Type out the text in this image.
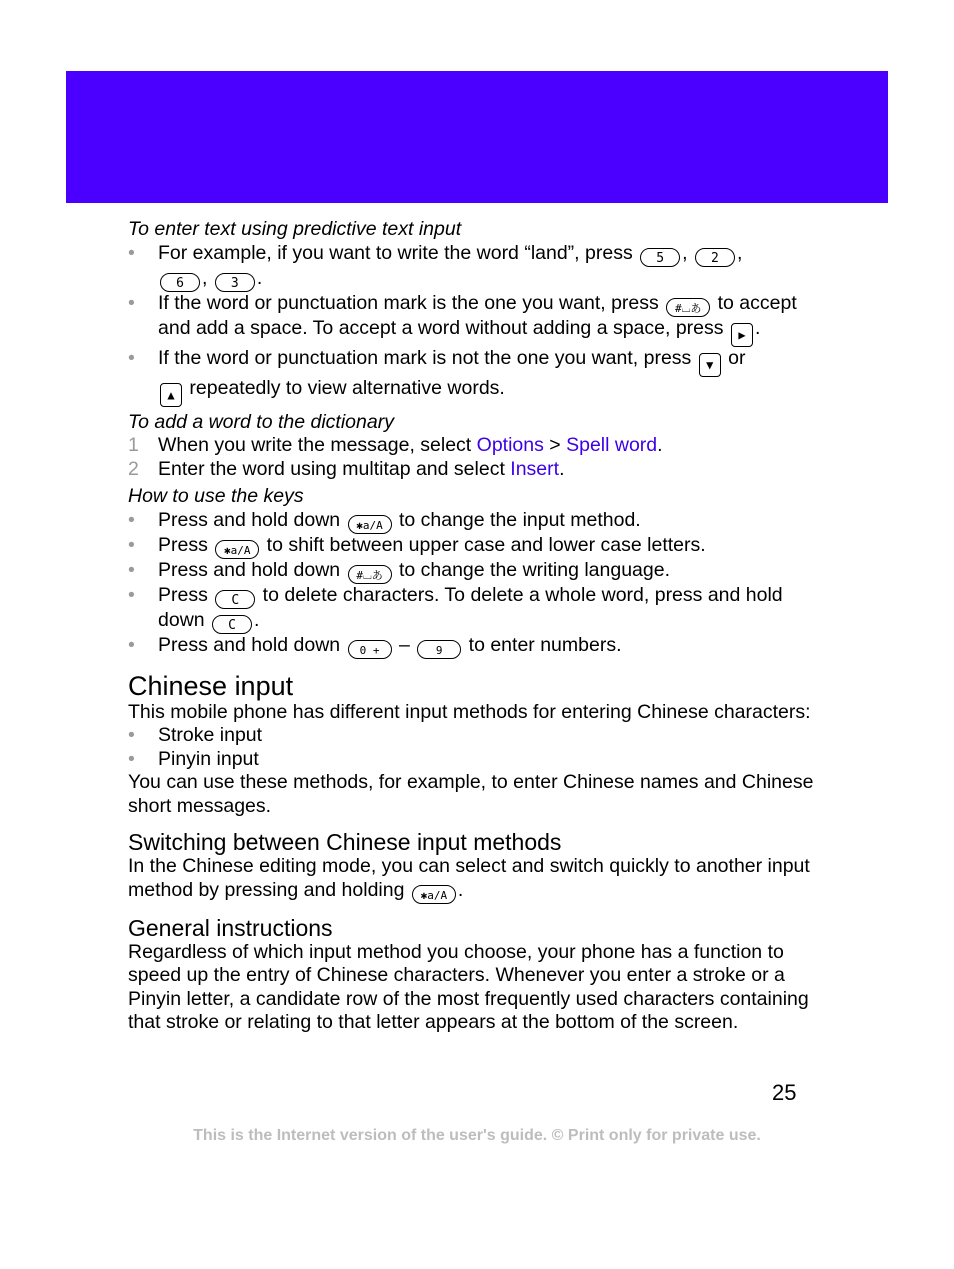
To enter text using predictive text input

• For example, if you want to write the word “land”, press 5 , 2 ,
6 , 3 .
• If the word or punctuation mark is the one you want, press #⌴あ to accept and add a space. To accept a word without adding a space, press ▶ .
• If the word or punctuation mark is not the one you want, press ▼ or
▲ repeatedly to view alternative words.

To add a word to the dictionary

1 When you write the message, select Options > Spell word.
2 Enter the word using multitap and select Insert.

How to use the keys

• Press and hold down ✱a/A to change the input method.
• Press ✱a/A to shift between upper case and lower case letters.
• Press and hold down #⌴あ to change the writing language.
• Press C to delete characters. To delete a whole word, press and hold down C .
• Press and hold down 0 + – 9 to enter numbers.
Chinese input

This mobile phone has different input methods for entering Chinese characters:

• Stroke input
• Pinyin input

You can use these methods, for example, to enter Chinese names and Chinese short messages.

Switching between Chinese input methods

In the Chinese editing mode, you can select and switch quickly to another input method by pressing and holding ✱a/A .

General instructions

Regardless of which input method you choose, your phone has a function to speed up the entry of Chinese characters. Whenever you enter a stroke or a Pinyin letter, a candidate row of the most frequently used characters containing that stroke or relating to that letter appears at the bottom of the screen.

25
This is the Internet version of the user's guide. © Print only for private use.
